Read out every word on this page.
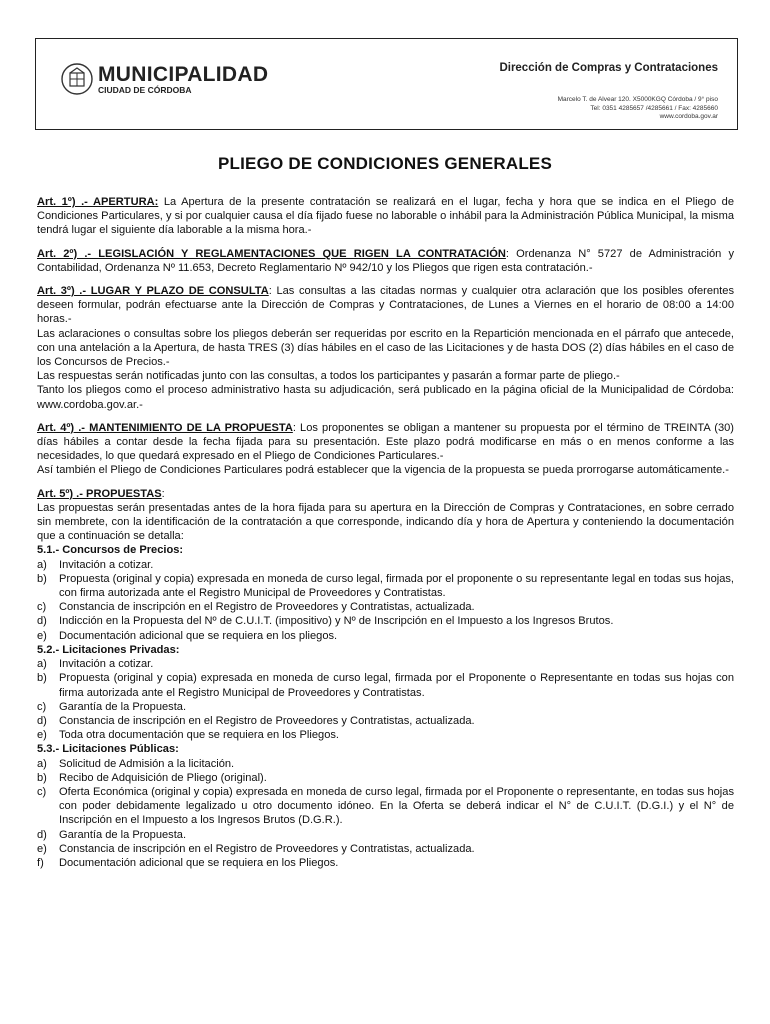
MUNICIPALIDAD
CIUDAD DE CÓRDOBA
Dirección de Compras y Contrataciones
Marcelo T. de Alvear 120. X5000KGQ Córdoba / 9° piso
Tel: 0351 4285657 /4285661 / Fax: 4285660
www.cordoba.gov.ar
PLIEGO DE CONDICIONES GENERALES

Art. 1º) .- APERTURA: La Apertura de la presente contratación se realizará en el lugar, fecha y hora que se indica en el Pliego de Condiciones Particulares, y si por cualquier causa el día fijado fuese no laborable o inhábil para la Administración Pública Municipal, la misma tendrá lugar el siguiente día laborable a la misma hora.-

Art. 2º) .- LEGISLACIÓN Y REGLAMENTACIONES QUE RIGEN LA CONTRATACIÓN: Ordenanza N° 5727 de Administración y Contabilidad, Ordenanza Nº 11.653, Decreto Reglamentario Nº 942/10 y los Pliegos que rigen esta contratación.-

Art. 3º) .- LUGAR Y PLAZO DE CONSULTA: Las consultas a las citadas normas y cualquier otra aclaración que los posibles oferentes deseen formular, podrán efectuarse ante la Dirección de Compras y Contrataciones, de Lunes a Viernes en el horario de 08:00 a 14:00 horas.-

Las aclaraciones o consultas sobre los pliegos deberán ser requeridas por escrito en la Repartición mencionada en el párrafo que antecede, con una antelación a la Apertura, de hasta TRES (3) días hábiles en el caso de las Licitaciones y de hasta DOS (2) días hábiles en el caso de los Concursos de Precios.-

Las respuestas serán notificadas junto con las consultas, a todos los participantes y pasarán a formar parte de pliego.-

Tanto los pliegos como el proceso administrativo hasta su adjudicación, será publicado en la página oficial de la Municipalidad de Córdoba: www.cordoba.gov.ar.-

Art. 4º) .- MANTENIMIENTO DE LA PROPUESTA: Los proponentes se obligan a mantener su propuesta por el término de TREINTA (30) días hábiles a contar desde la fecha fijada para su presentación. Este plazo podrá modificarse en más o en menos conforme a las necesidades, lo que quedará expresado en el Pliego de Condiciones Particulares.-

Así también el Pliego de Condiciones Particulares podrá establecer que la vigencia de la propuesta se pueda prorrogarse automáticamente.-

Art. 5º) .- PROPUESTAS:

Las propuestas serán presentadas antes de la hora fijada para su apertura en la Dirección de Compras y Contrataciones, en sobre cerrado sin membrete, con la identificación de la contratación a que corresponde, indicando día y hora de Apertura y conteniendo la documentación que a continuación se detalla:

5.1.- Concursos de Precios:
a)	Invitación a cotizar.
b)	Propuesta (original y copia) expresada en moneda de curso legal, firmada por el proponente o su representante legal en todas sus hojas, con firma autorizada ante el Registro Municipal de Proveedores y Contratistas.
c)	Constancia de inscripción en el Registro de Proveedores y Contratistas, actualizada.
d)	Indicción en la Propuesta del Nº de C.U.I.T. (impositivo) y Nº de Inscripción en el Impuesto a los Ingresos Brutos.
e)	Documentación adicional que se requiera en los pliegos.
5.2.- Licitaciones Privadas:
a)	Invitación a cotizar.
b)	Propuesta (original y copia) expresada en moneda de curso legal, firmada por el Proponente o Representante en todas sus hojas con firma autorizada ante el Registro Municipal de Proveedores y Contratistas.
c)	Garantía de la Propuesta.
d)	Constancia de inscripción en el Registro de Proveedores y Contratistas, actualizada.
e)	Toda otra documentación que se requiera en los Pliegos.
5.3.- Licitaciones Públicas:
a)	Solicitud de Admisión a la licitación.
b)	Recibo de Adquisición de Pliego (original).
c)	Oferta Económica (original y copia) expresada en moneda de curso legal, firmada por el Proponente o representante, en todas sus hojas con poder debidamente legalizado u otro documento idóneo. En la Oferta se deberá indicar el N° de C.U.I.T. (D.G.I.) y el N° de Inscripción en el Impuesto a los Ingresos Brutos (D.G.R.).
d)	Garantía de la Propuesta.
e)	Constancia de inscripción en el Registro de Proveedores y Contratistas, actualizada.
f)	Documentación adicional que se requiera en los Pliegos.
